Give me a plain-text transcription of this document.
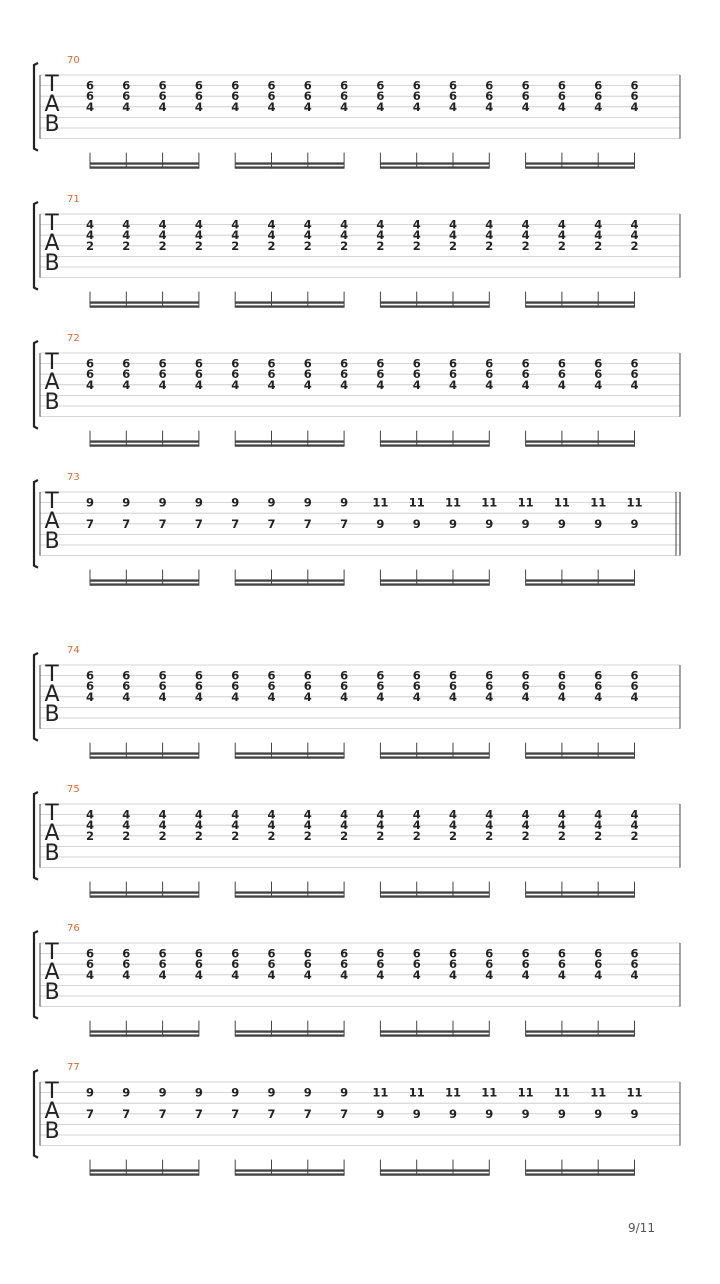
70
T
A
B
6
6
4
6
6
4
6
6
4
6
6
4
6
6
4
6
6
4
6
6
4
6
6
4
6
6
4
6
6
4
6
6
4
6
6
4
6
6
4
6
6
4
6
6
4
6
6
4
71
T
A
B
4
4
2
4
4
2
4
4
2
4
4
2
4
4
2
4
4
2
4
4
2
4
4
2
4
4
2
4
4
2
4
4
2
4
4
2
4
4
2
4
4
2
4
4
2
4
4
2
72
T
A
B
6
6
4
6
6
4
6
6
4
6
6
4
6
6
4
6
6
4
6
6
4
6
6
4
6
6
4
6
6
4
6
6
4
6
6
4
6
6
4
6
6
4
6
6
4
6
6
4
73
T
A
B
9
7
9
7
9
7
9
7
9
7
9
7
9
7
9
7
11
9
11
9
11
9
11
9
11
9
11
9
11
9
11
9
74
T
A
B
6
6
4
6
6
4
6
6
4
6
6
4
6
6
4
6
6
4
6
6
4
6
6
4
6
6
4
6
6
4
6
6
4
6
6
4
6
6
4
6
6
4
6
6
4
6
6
4
75
T
A
B
4
4
2
4
4
2
4
4
2
4
4
2
4
4
2
4
4
2
4
4
2
4
4
2
4
4
2
4
4
2
4
4
2
4
4
2
4
4
2
4
4
2
4
4
2
4
4
2
76
T
A
B
6
6
4
6
6
4
6
6
4
6
6
4
6
6
4
6
6
4
6
6
4
6
6
4
6
6
4
6
6
4
6
6
4
6
6
4
6
6
4
6
6
4
6
6
4
6
6
4
77
T
A
B
9
7
9
7
9
7
9
7
9
7
9
7
9
7
9
7
11
9
11
9
11
9
11
9
11
9
11
9
11
9
11
9
9/11
